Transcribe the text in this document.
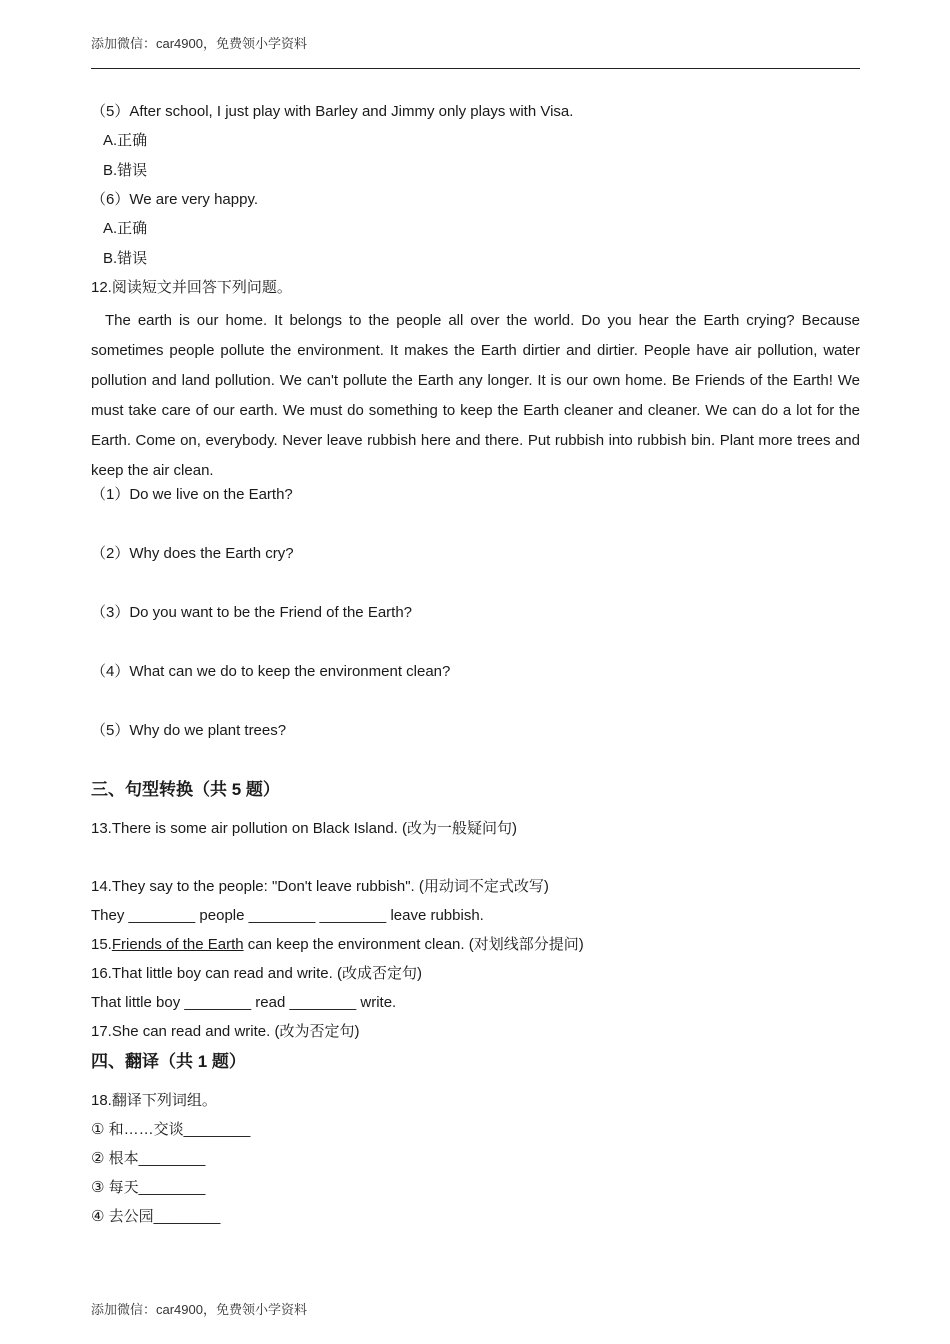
添加微信：car4900，免费领小学资料
（5）After school, I just play with Barley and Jimmy only plays with Visa.
A.正确
B.错误
（6）We are very happy.
A.正确
B.错误
12.阅读短文并回答下列问题。
The earth is our home. It belongs to the people all over the world. Do you hear the Earth crying? Because sometimes people pollute the environment. It makes the Earth dirtier and dirtier. People have air pollution, water pollution and land pollution. We can't pollute the Earth any longer. It is our own home. Be Friends of the Earth! We must take care of our earth. We must do something to keep the Earth cleaner and cleaner. We can do a lot for the Earth. Come on, everybody. Never leave rubbish here and there. Put rubbish into rubbish bin. Plant more trees and keep the air clean.
（1）Do we live on the Earth?
（2）Why does the Earth cry?
（3）Do you want to be the Friend of the Earth?
（4）What can we do to keep the environment clean?
（5）Why do we plant trees?
三、句型转换（共 5 题）
13.There is some air pollution on Black Island. (改为一般疑问句)
14.They say to the people: "Don't leave rubbish". (用动词不定式改写)
They ________ people ________ ________ leave rubbish.
15.Friends of the Earth can keep the environment clean. (对划线部分提问)
16.That little boy can read and write. (改成否定句)
That little boy ________ read ________ write.
17.She can read and write. (改为否定句)
四、翻译（共 1 题）
18.翻译下列词组。
① 和……交谈________
② 根本________
③ 每天________
④ 去公园________
添加微信：car4900，免费领小学资料
